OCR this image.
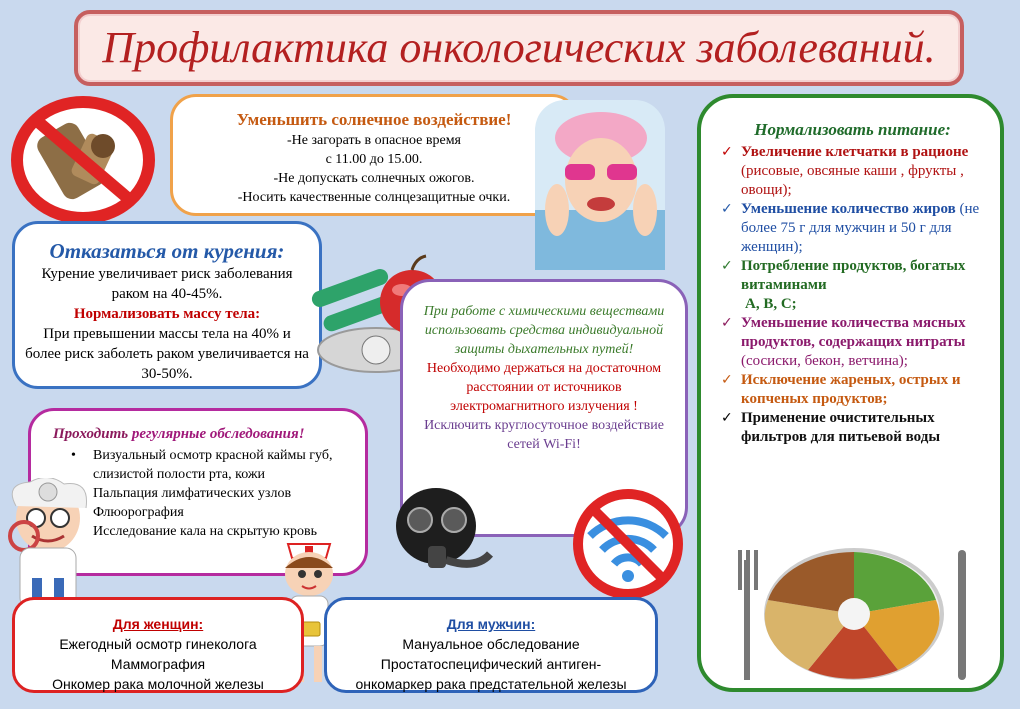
Профилактика онкологических заболеваний.

Уменьшить солнечное воздействие!

-Не загорать в опасное время

с 11.00 до 15.00.

-Не допускать солнечных ожогов.

-Носить качественные солнцезащитные очки.

Отказаться от курения:

Курение увеличивает риск заболевания раком на 40-45%.

Нормализовать массу тела:

При превышении массы тела на 40% и более риск заболеть раком увеличивается на 30-50%.

При работе с химическими веществами использовать средства индивидуальной защиты дыхательных путей!

Необходимо держаться на достаточном расстоянии от источников электромагнитного излучения !

Исключить круглосуточное воздействие сетей Wi-Fi!

Проходить регулярные обследования!

• Визуальный осмотр красной каймы губ, слизистой полости рта, кожи
Пальпация лимфатических узлов
Флюорография
Исследование кала на скрытую кровь

Для женщин:

Ежегодный осмотр гинеколога

Маммография

Онкомер рака молочной железы

Для мужчин:

Мануальное обследование

Простатоспецифический антиген-

онкомаркер рака предстательной железы

Нормализовать питание:

✓ Увеличение клетчатки в рационе (рисовые, овсяные каши , фрукты , овощи);
✓ Уменьшение количество жиров (не более 75 г для мужчин и 50 г для женщин);
✓ Потребление продуктов, богатых витаминами
А, В, С;
✓ Уменьшение количества мясных продуктов, содержащих нитраты (сосиски, бекон, ветчина);
✓ Исключение жареных, острых и копченых продуктов;
✓ Применение очистительных фильтров для питьевой воды
